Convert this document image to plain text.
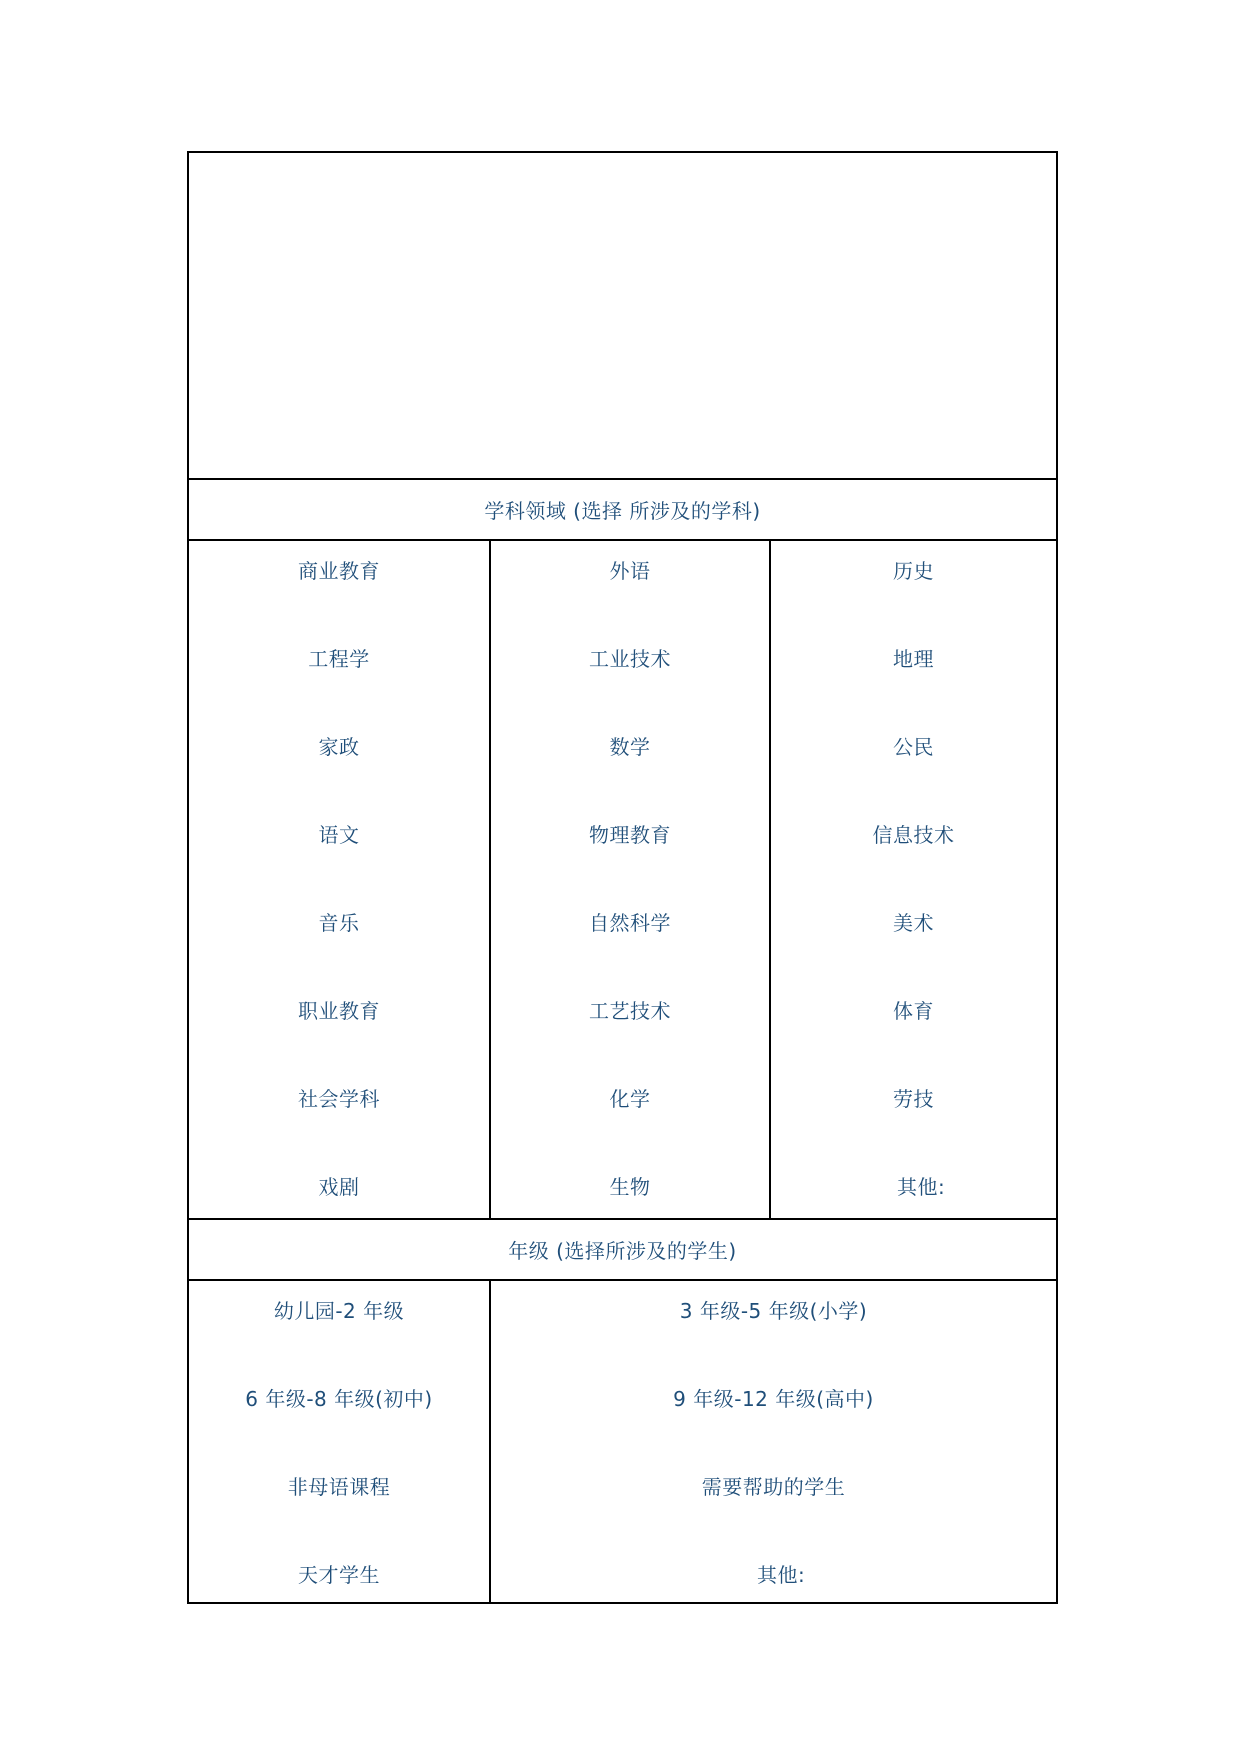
学科领域 (选择 所涉及的学科)
商业教育
工程学
家政
语文
音乐
职业教育
社会学科
戏剧
外语
工业技术
数学
物理教育
自然科学
工艺技术
化学
生物
历史
地理
公民
信息技术
美术
体育
劳技
其他:
年级 (选择所涉及的学生)
幼儿园-2 年级
6 年级-8 年级(初中)
非母语课程
天才学生
3 年级-5 年级(小学)
9 年级-12 年级(高中)
需要帮助的学生
其他:
